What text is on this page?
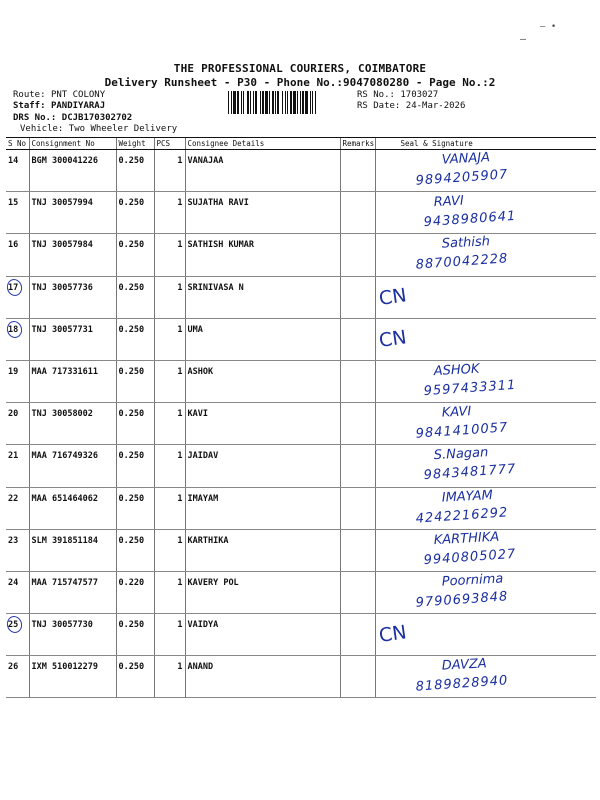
– •
–
THE PROFESSIONAL COURIERS, COIMBATORE
Delivery Runsheet - P30 - Phone No.:9047080280 - Page No.:2
Route: PNT COLONY
Staff: PANDIYARAJ
DRS No.: DCJB170302702
Vehicle: Two Wheeler Delivery
RS No.: 1703027
RS Date: 24-Mar-2026
S No	Consignment No	Weight	PCS	Consignee Details	Remarks	Seal & Signature
14	BGM 300041226	0.250	1	VANAJAA		VANAJA
9894205907

15	TNJ 30057994	0.250	1	SUJATHA RAVI		RAVI
9438980641

16	TNJ 30057984	0.250	1	SATHISH KUMAR		Sathish
8870042228

17	TNJ 30057736	0.250	1	SRINIVASA N		CN

18	TNJ 30057731	0.250	1	UMA		CN

19	MAA 717331611	0.250	1	ASHOK		ASHOK
9597433311

20	TNJ 30058002	0.250	1	KAVI		KAVI
9841410057

21	MAA 716749326	0.250	1	JAIDAV		S.Nagan
9843481777

22	MAA 651464062	0.250	1	IMAYAM		IMAYAM
4242216292

23	SLM 391851184	0.250	1	KARTHIKA		KARTHIKA
9940805027

24	MAA 715747577	0.220	1	KAVERY POL		Poornima
9790693848

25	TNJ 30057730	0.250	1	VAIDYA		CN

26	IXM 510012279	0.250	1	ANAND		DAVZA
8189828940
